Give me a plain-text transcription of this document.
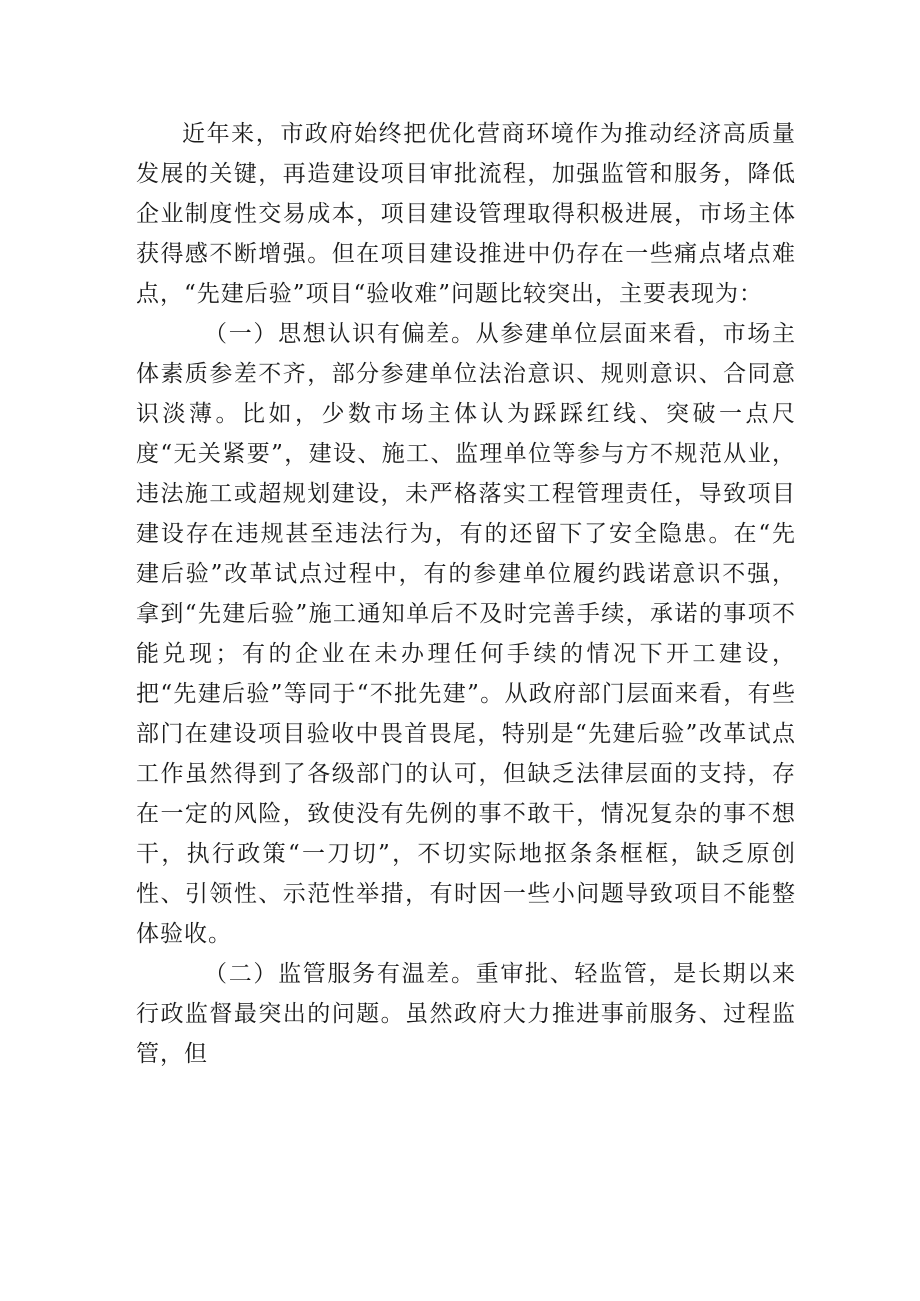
近年来，市政府始终把优化营商环境作为推动经济高质量发展的关键，再造建设项目审批流程，加强监管和服务，降低企业制度性交易成本，项目建设管理取得积极进展，市场主体获得感不断增强。但在项目建设推进中仍存在一些痛点堵点难点，“先建后验”项目“验收难”问题比较突出，主要表现为：

（一）思想认识有偏差。从参建单位层面来看，市场主体素质参差不齐，部分参建单位法治意识、规则意识、合同意识淡薄。比如，少数市场主体认为踩踩红线、突破一点尺度“无关紧要”，建设、施工、监理单位等参与方不规范从业，违法施工或超规划建设，未严格落实工程管理责任，导致项目建设存在违规甚至违法行为，有的还留下了安全隐患。在“先建后验”改革试点过程中，有的参建单位履约践诺意识不强，拿到“先建后验”施工通知单后不及时完善手续，承诺的事项不能兑现；有的企业在未办理任何手续的情况下开工建设，把“先建后验”等同于“不批先建”。从政府部门层面来看，有些部门在建设项目验收中畏首畏尾，特别是“先建后验”改革试点工作虽然得到了各级部门的认可，但缺乏法律层面的支持，存在一定的风险，致使没有先例的事不敢干，情况复杂的事不想干，执行政策“一刀切”，不切实际地抠条条框框，缺乏原创性、引领性、示范性举措，有时因一些小问题导致项目不能整体验收。

（二）监管服务有温差。重审批、轻监管，是长期以来行政监督最突出的问题。虽然政府大力推进事前服务、过程监管，但
